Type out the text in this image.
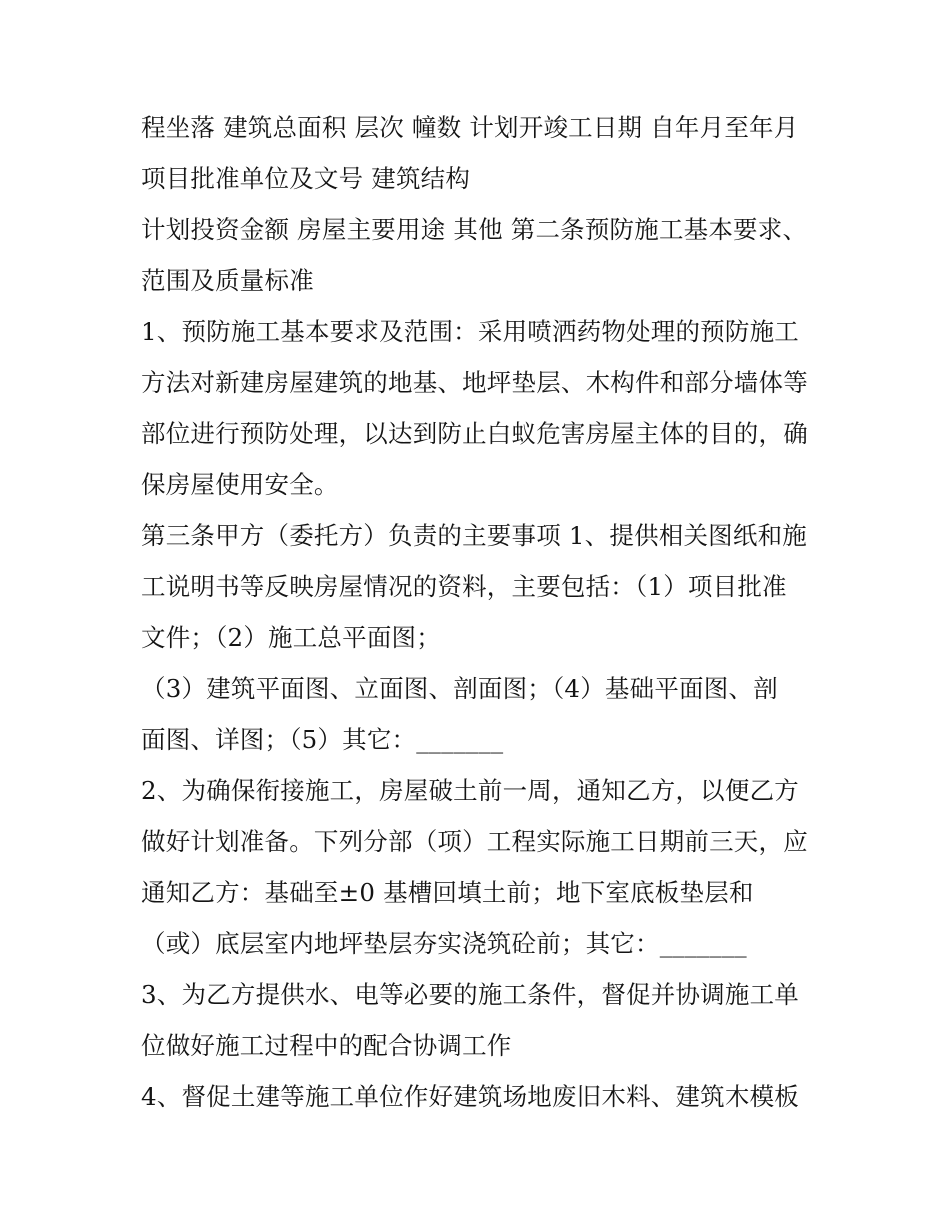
程坐落 建筑总面积 层次 幢数 计划开竣工日期 自年月至年月
项目批准单位及文号 建筑结构
计划投资金额 房屋主要用途 其他 第二条预防施工基本要求、
范围及质量标准
1、预防施工基本要求及范围：采用喷洒药物处理的预防施工
方法对新建房屋建筑的地基、地坪垫层、木构件和部分墙体等
部位进行预防处理，以达到防止白蚁危害房屋主体的目的，确
保房屋使用安全。
第三条甲方（委托方）负责的主要事项 1、提供相关图纸和施
工说明书等反映房屋情况的资料，主要包括：（1）项目批准
文件；（2）施工总平面图；
（3）建筑平面图、立面图、剖面图；（4）基础平面图、剖
面图、详图；（5）其它：_______
2、为确保衔接施工，房屋破土前一周，通知乙方，以便乙方
做好计划准备。下列分部（项）工程实际施工日期前三天，应
通知乙方：基础至±0 基槽回填土前；地下室底板垫层和
（或）底层室内地坪垫层夯实浇筑砼前；其它：_______
3、为乙方提供水、电等必要的施工条件，督促并协调施工单
位做好施工过程中的配合协调工作
4、督促土建等施工单位作好建筑场地废旧木料、建筑木模板
